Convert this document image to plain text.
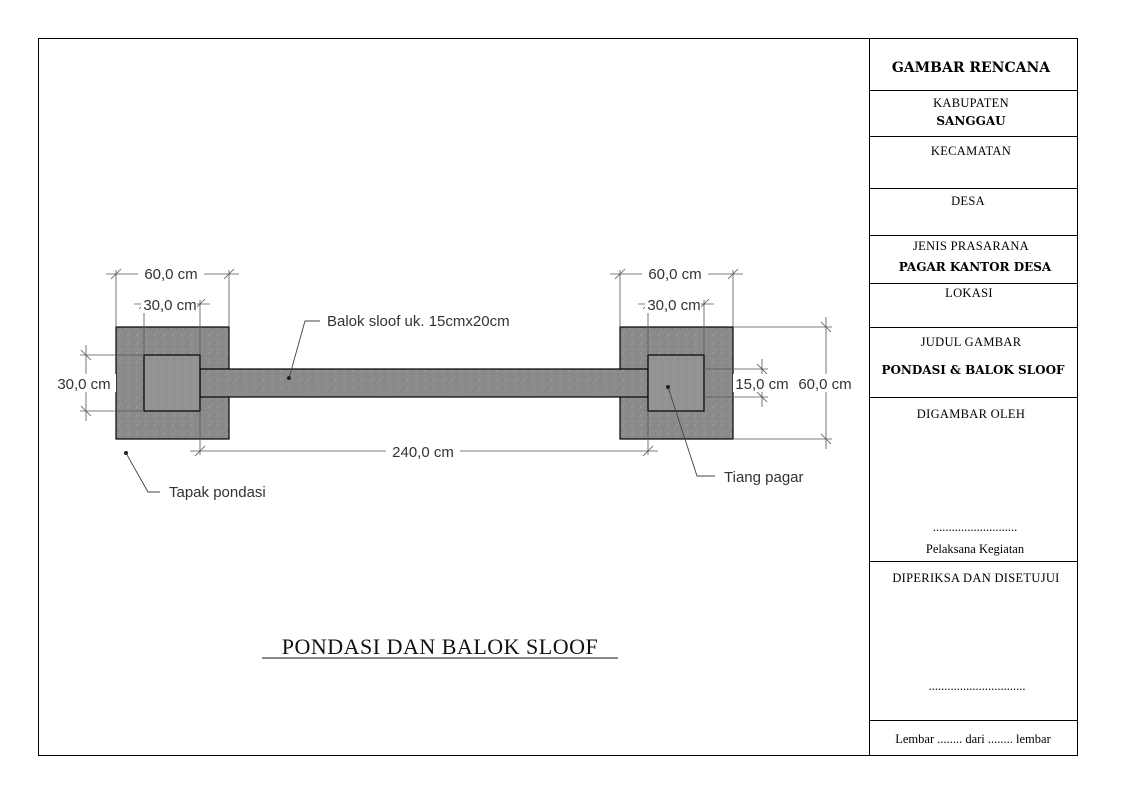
GAMBAR RENCANA
KABUPATEN
SANGGAU
KECAMATAN
DESA
JENIS PRASARANA
PAGAR KANTOR DESA
LOKASI
JUDUL GAMBAR
PONDASI & BALOK SLOOF
DIGAMBAR OLEH
...........................
Pelaksana Kegiatan
DIPERIKSA DAN DISETUJUI
...............................
Lembar ........ dari ........ lembar
60,0 cm
30,0 cm
60,0 cm
30,0 cm
30,0 cm	15,0 cm 60,0 cm
240,0 cm
Balok sloof uk. 15cmx20cm
Tapak pondasi
Tiang pagar
PONDASI DAN BALOK SLOOF
